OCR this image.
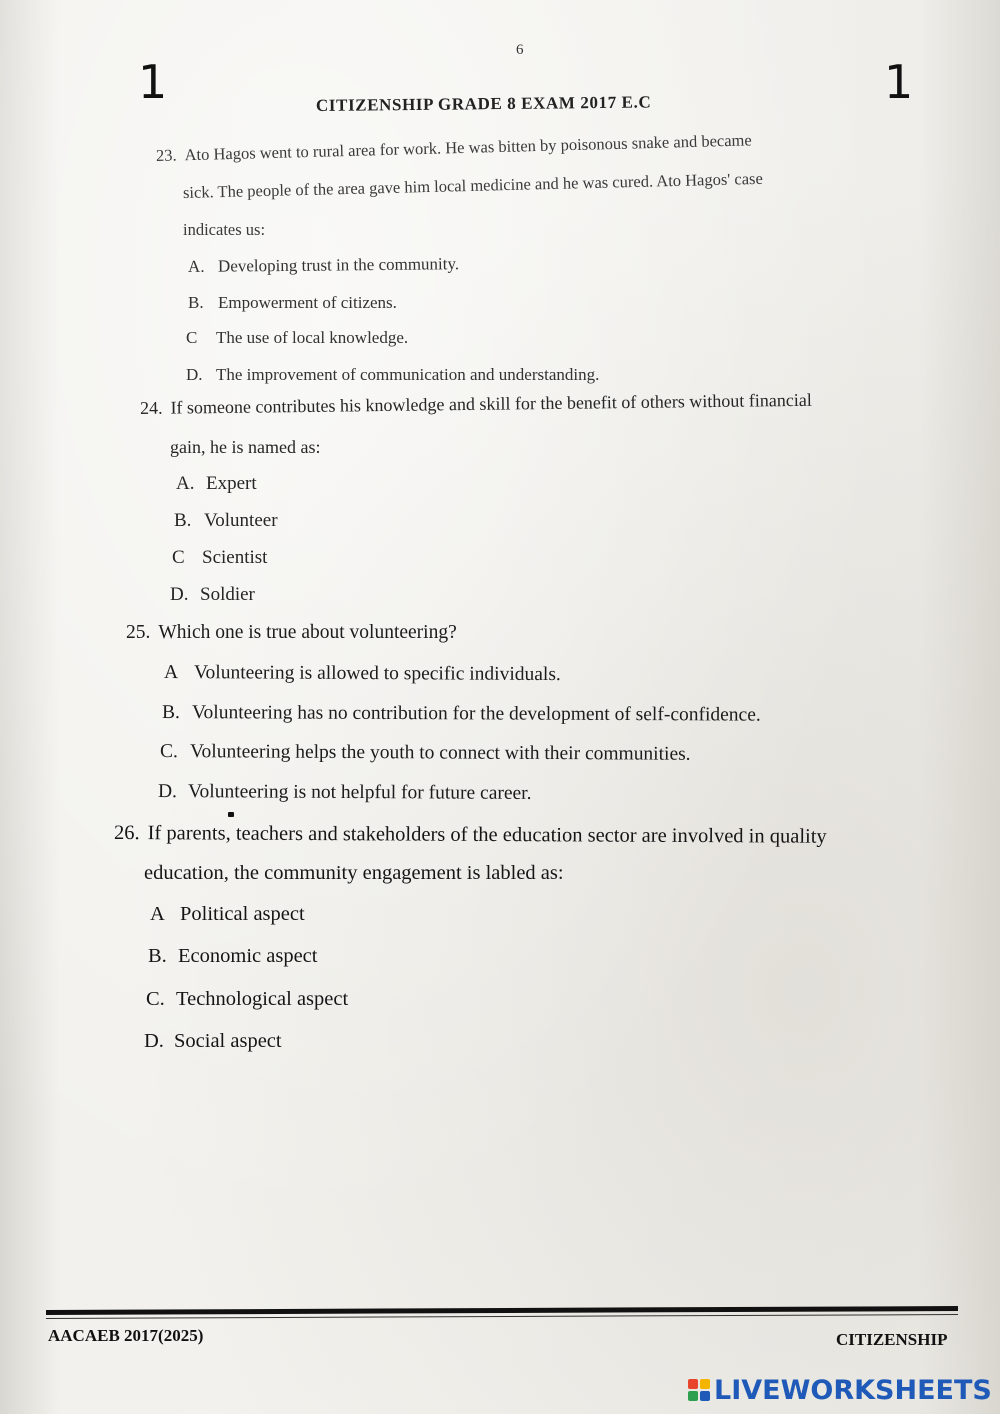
6
1	1
CITIZENSHIP GRADE 8 EXAM 2017 E.C
23. Ato Hagos went to rural area for work. He was bitten by poisonous snake and became
sick. The people of the area gave him local medicine and he was cured. Ato Hagos' case
indicates us:
A. Developing trust in the community.
B. Empowerment of citizens.
C The use of local knowledge.
D. The improvement of communication and understanding.
24. If someone contributes his knowledge and skill for the benefit of others without financial
gain, he is named as:
A. Expert
B. Volunteer
C Scientist
D. Soldier
25. Which one is true about volunteering?
A Volunteering is allowed to specific individuals.
B. Volunteering has no contribution for the development of self-confidence.
C. Volunteering helps the youth to connect with their communities.
D. Volunteering is not helpful for future career.
26. If parents, teachers and stakeholders of the education sector are involved in quality
education, the community engagement is labled as:
A Political aspect
B. Economic aspect
C. Technological aspect
D. Social aspect
AACAEB 2017(2025)	CITIZENSHIP
LIVEWORKSHEETS
